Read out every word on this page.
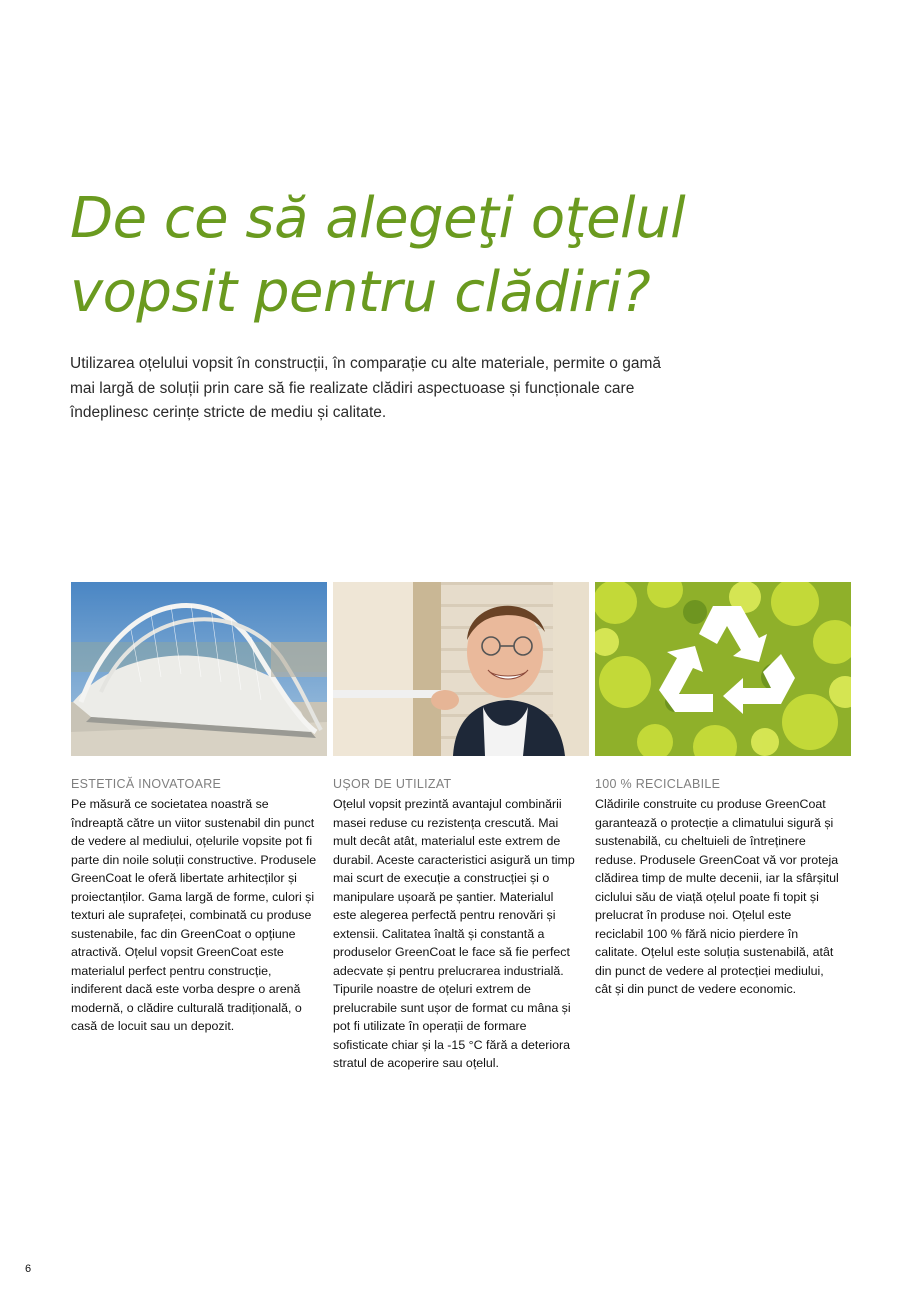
De ce să alegeţi oţelul
vopsit pentru clădiri?

Utilizarea oțelului vopsit în construcții, în comparație cu alte materiale, permite o gamă mai largă de soluții prin care să fie realizate clădiri aspectuoase și funcționale care îndeplinesc cerințe stricte de mediu și calitate.

ESTETICĂ INOVATOARE

Pe măsură ce societatea noastră se îndreaptă către un viitor sustenabil din punct de vedere al mediului, oțelurile vopsite pot fi parte din noile soluții constructive. Produsele GreenCoat le oferă libertate arhitecților și proiectanților. Gama largă de forme, culori și texturi ale suprafeței, combinată cu produse sustenabile, fac din GreenCoat o opțiune atractivă. Oțelul vopsit GreenCoat este materialul perfect pentru construcție, indiferent dacă este vorba despre o arenă modernă, o clădire culturală tradițională, o casă de locuit sau un depozit.

UȘOR DE UTILIZAT

Oțelul vopsit prezintă avantajul combinării masei reduse cu rezistența crescută. Mai mult decât atât, materialul este extrem de durabil. Aceste caracteristici asigură un timp mai scurt de execuție a construcției și o manipulare ușoară pe șantier. Materialul este alegerea perfectă pentru renovări și extensii. Calitatea înaltă și constantă a produselor GreenCoat le face să fie perfect adecvate și pentru prelucrarea industrială. Tipurile noastre de oțeluri extrem de prelucrabile sunt ușor de format cu mâna și pot fi utilizate în operații de formare sofisticate chiar și la -15 °C fără a deteriora stratul de acoperire sau oțelul.

100 % RECICLABILE

Clădirile construite cu produse GreenCoat garantează o protecție a climatului sigură și sustenabilă, cu cheltuieli de întreținere reduse. Produsele GreenCoat vă vor proteja clădirea timp de multe decenii, iar la sfârșitul ciclului său de viață oțelul poate fi topit și prelucrat în produse noi. Oțelul este reciclabil 100 % fără nicio pierdere în calitate. Oțelul este soluția sustenabilă, atât din punct de vedere al protecției mediului, cât și din punct de vedere economic.

6
